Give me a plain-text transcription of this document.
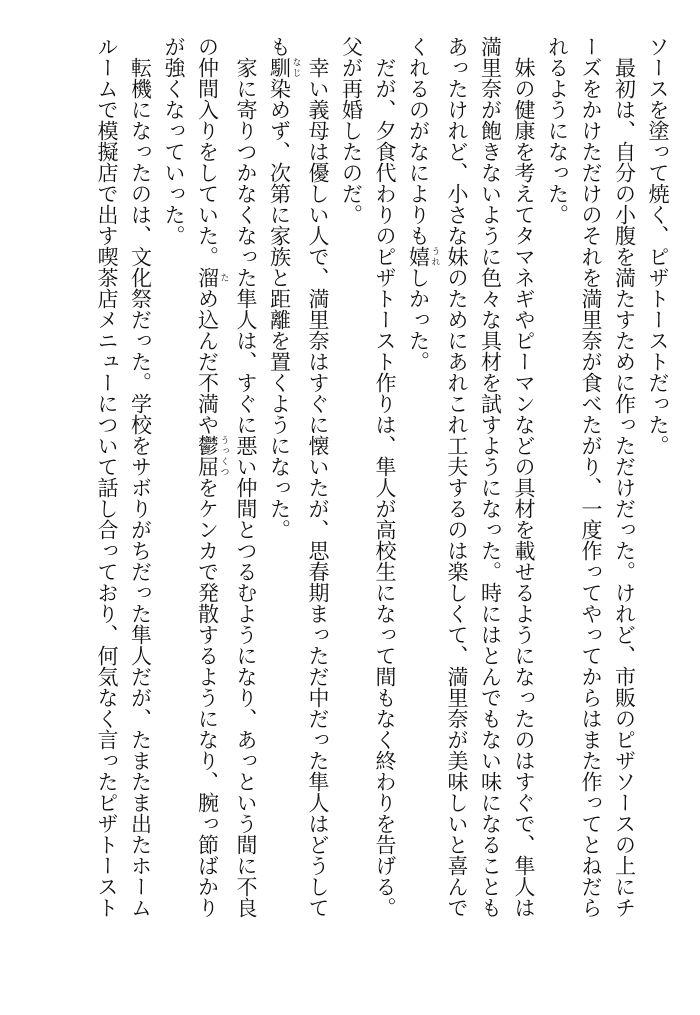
ソースを塗って焼く、ピザトーストだった。
　最初は、自分の小腹を満たすために作っただけだった。けれど、市販のピザソースの上にチ
ーズをかけただけのそれを満里奈が食べたがり、一度作ってやってからはまた作ってとねだら
れるようになった。
　妹の健康を考えてタマネギやピーマンなどの具材を載せるようになったのはすぐで、隼人は
満里奈が飽きないように色々な具材を試すようになった。時にはとんでもない味になることも
あったけれど、小さな妹のためにあれこれ工夫するのは楽しくて、満里奈が美味しいと喜んで
くれるのがなによりも嬉 うれしかった。
　だが、夕食代わりのピザトースト作りは、隼人が高校生になって間もなく終わりを告げる。
父が再婚したのだ。
　幸い義母は優しい人で、満里奈はすぐに懐いたが、思春期まっただ中だった隼人はどうして
も馴 なじ染めず、次第に家族と距離を置くようになった。
　家に寄りつかなくなった隼人は、すぐに悪い仲間とつるむようになり、あっという間に不良
の仲間入りをしていた。溜 ため込んだ不満や鬱屈 うっくつをケンカで発散するようになり、腕っ節ばかり
が強くなっていった。
　転機になったのは、文化祭だった。学校をサボりがちだった隼人だが、たまたま出たホーム
ルームで模擬店で出す喫茶店メニューについて話し合っており、何気なく言ったピザトースト
